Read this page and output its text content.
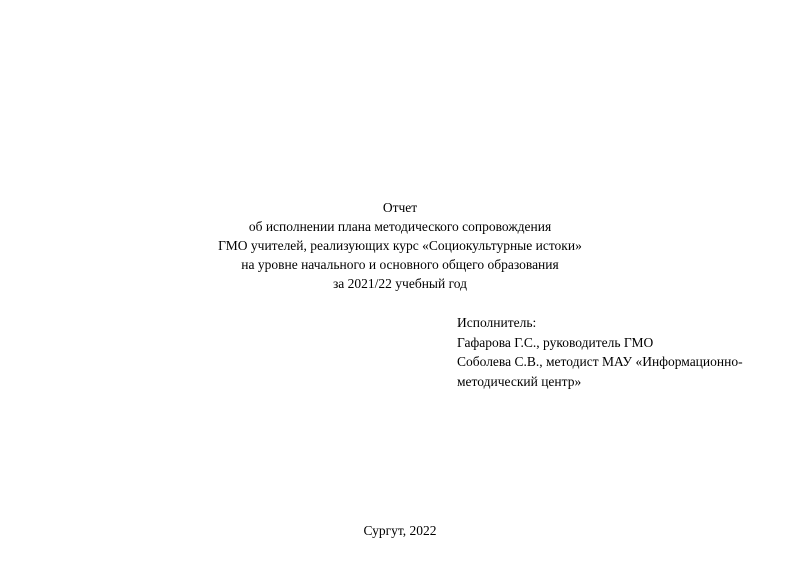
Отчет
об исполнении плана методического сопровождения
ГМО учителей, реализующих курс «Социокультурные истоки»
на уровне начального и основного общего образования
за 2021/22 учебный год
Исполнитель:
Гафарова Г.С., руководитель ГМО
Соболева С.В., методист МАУ «Информационно-методический центр»
Сургут, 2022
